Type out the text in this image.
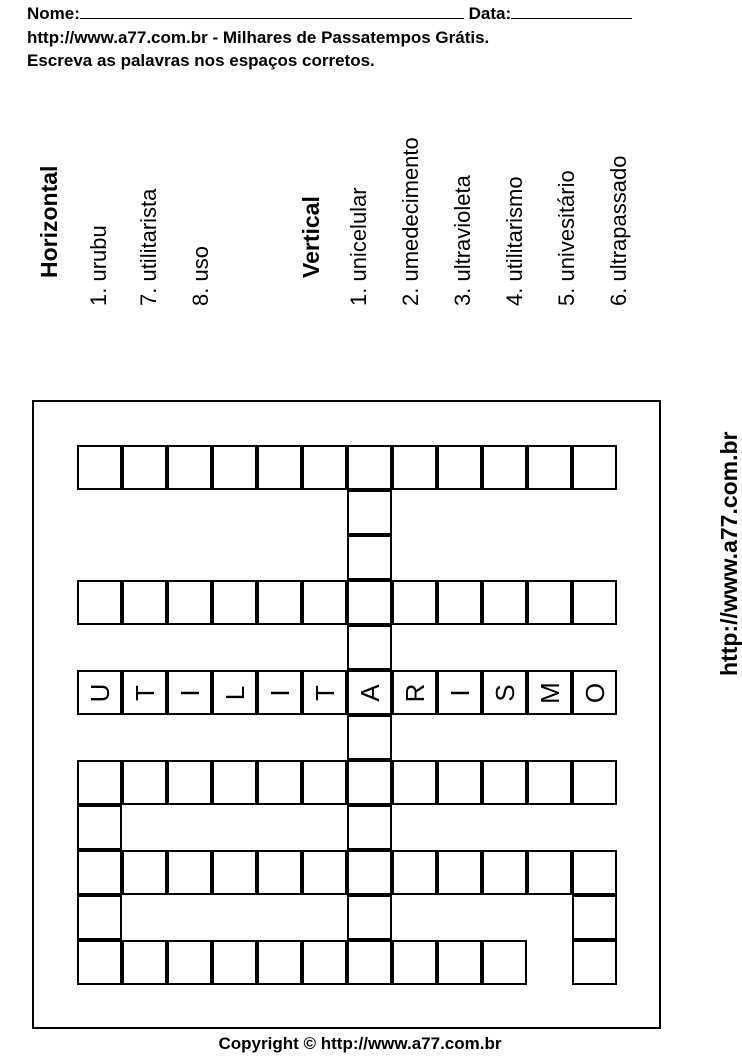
Nome:	Data:
http://www.a77.com.br - Milhares de Passatempos Grátis.
Escreva as palavras nos espaços corretos.
Horizontal 1. urubu 7. utilitarista 8. uso	Vertical 1. unicelular 2. umedecimento 3. ultravioleta 4. utilitarismo 5. univesitário 6. ultrapassado
U T I L I T A R I S M O
http://www.a77.com.br
Copyright © http://www.a77.com.br
